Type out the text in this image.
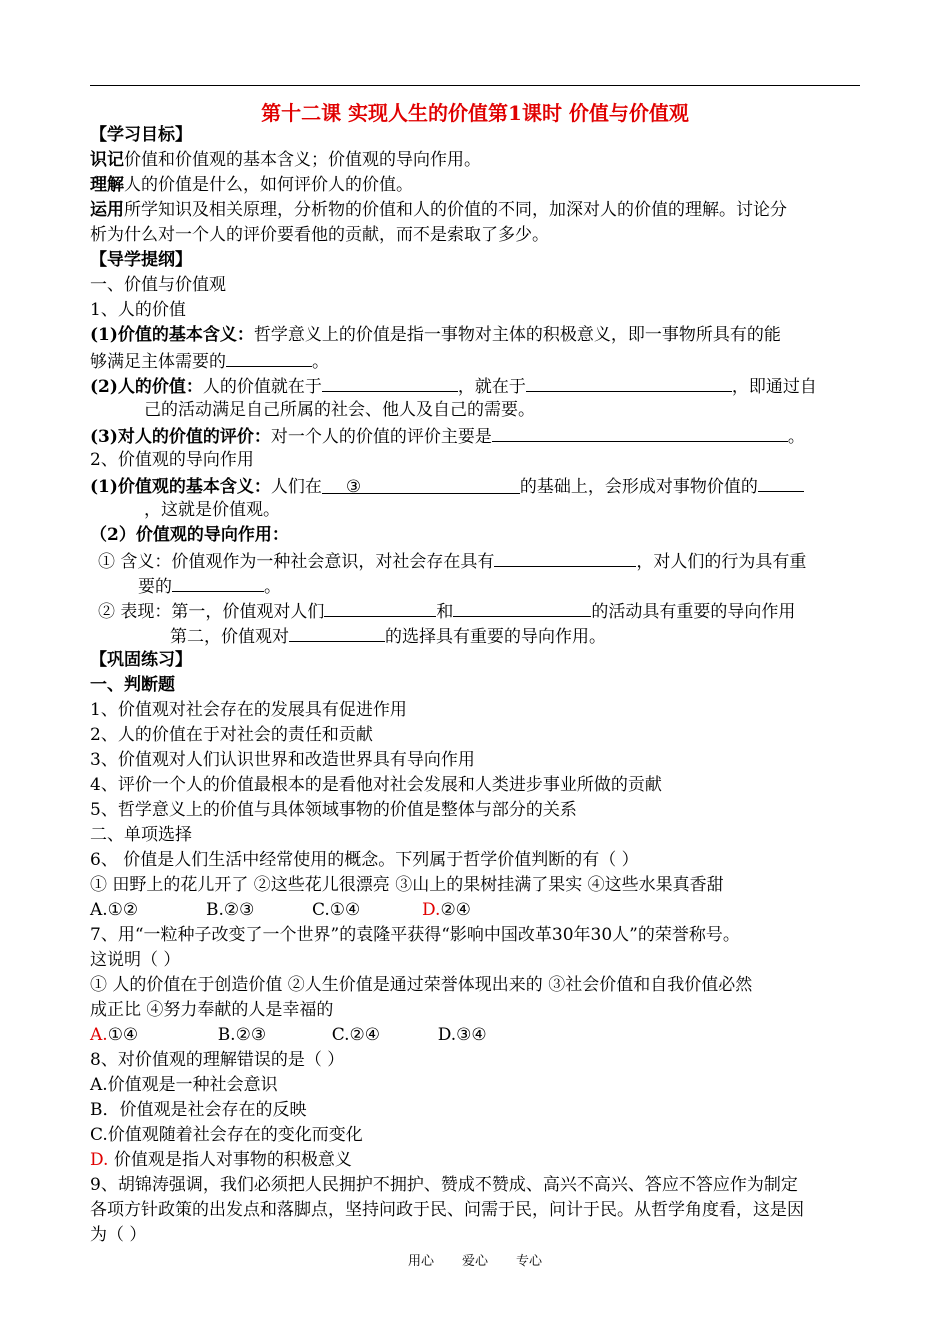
第十二课 实现人生的价值第1课时 价值与价值观
【学习目标】
识记价值和价值观的基本含义；价值观的导向作用。
理解人的价值是什么，如何评价人的价值。
运用所学知识及相关原理，分析物的价值和人的价值的不同，加深对人的价值的理解。讨论分
析为什么对一个人的评价要看他的贡献，而不是索取了多少。
【导学提纲】
一、价值与价值观
1、人的价值
(1)价值的基本含义：哲学意义上的价值是指一事物对主体的积极意义，即一事物所具有的能
够满足主体需要的	。
(2)人的价值：人的价值就在于	，就在于	，即通过自
己的活动满足自己所属的社会、他人及自己的需要。
(3)对人的价值的评价：对一个人的价值的评价主要是	。
2、价值观的导向作用
(1)价值观的基本含义：人们在 ③	的基础上，会形成对事物价值的
，这就是价值观。
（2）价值观的导向作用：
① 含义：价值观作为一种社会意识，对社会存在具有	，对人们的行为具有重
要的	。
② 表现：第一，价值观对人们	和	的活动具有重要的导向作用
第二，价值观对	的选择具有重要的导向作用。
【巩固练习】
一、判断题
1、价值观对社会存在的发展具有促进作用
2、人的价值在于对社会的责任和贡献
3、价值观对人们认识世界和改造世界具有导向作用
4、评价一个人的价值最根本的是看他对社会发展和人类进步事业所做的贡献
5、哲学意义上的价值与具体领域事物的价值是整体与部分的关系
二、单项选择
6、 价值是人们生活中经常使用的概念。下列属于哲学价值判断的有（ ）
① 田野上的花儿开了 ②这些花儿很漂亮 ③山上的果树挂满了果实 ④这些水果真香甜
A.①②	B.②③	C.①④	D.②④
7、用“一粒种子改变了一个世界”的袁隆平获得“影响中国改革30年30人”的荣誉称号。
这说明（ ）
① 人的价值在于创造价值 ②人生价值是通过荣誉体现出来的 ③社会价值和自我价值必然
成正比 ④努力奉献的人是幸福的
A.①④	B.②③	C.②④	D.③④
8、对价值观的理解错误的是（ ）
A.价值观是一种社会意识
B．价值观是社会存在的反映
C.价值观随着社会存在的变化而变化
D. 价值观是指人对事物的积极意义
9、胡锦涛强调，我们必须把人民拥护不拥护、赞成不赞成、高兴不高兴、答应不答应作为制定
各项方针政策的出发点和落脚点，坚持问政于民、问需于民，问计于民。从哲学角度看，这是因
为（ ）
用心 爱心 专心
